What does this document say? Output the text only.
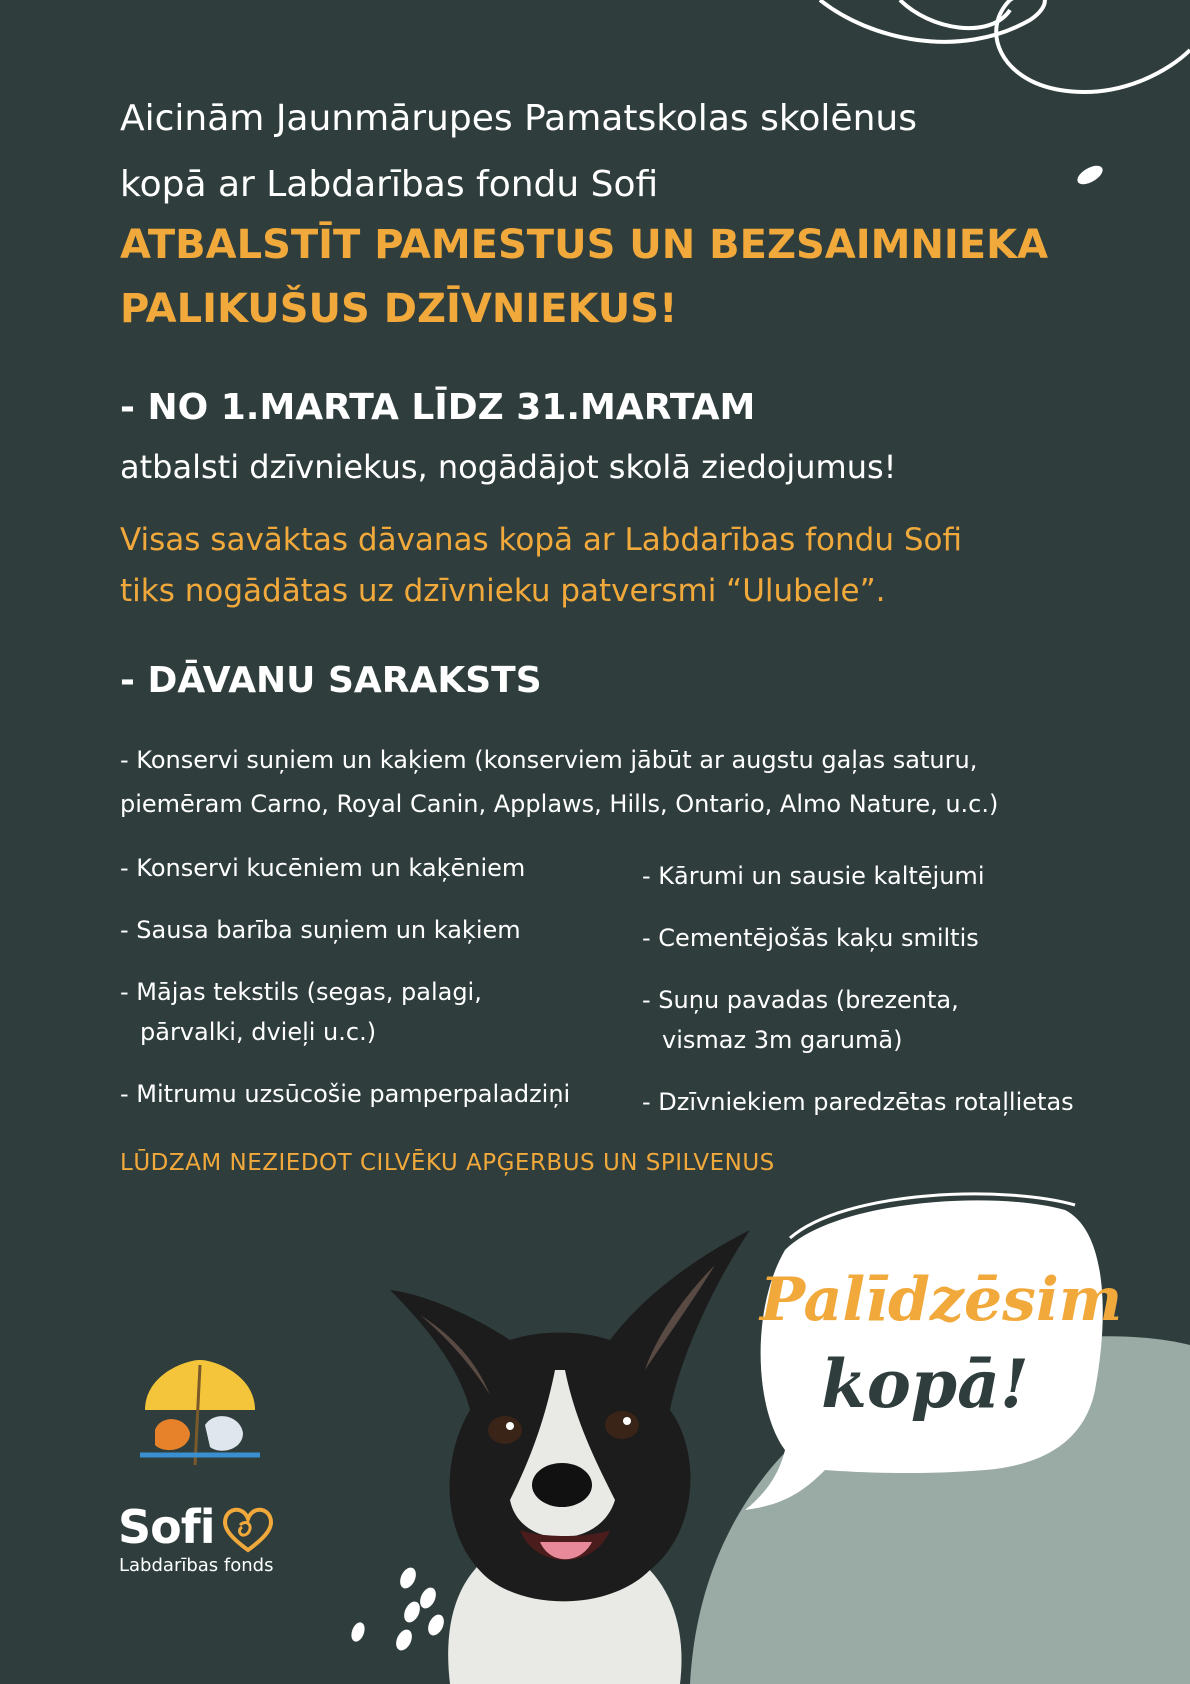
Aicinām Jaunmārupes Pamatskolas skolēnus

kopā ar Labdarības fondu Sofi

ATBALSTĪT PAMESTUS UN BEZSAIMNIEKA

PALIKUŠUS DZĪVNIEKUS!

- NO 1.MARTA LĪDZ 31.MARTAM

atbalsti dzīvniekus, nogādājot skolā ziedojumus!

Visas savāktas dāvanas kopā ar Labdarības fondu Sofi

tiks nogādātas uz dzīvnieku patversmi “Ulubele”.

- DĀVANU SARAKSTS

- Konservi suņiem un kaķiem (konserviem jābūt ar augstu gaļas saturu,

piemēram Carno, Royal Canin, Applaws, Hills, Ontario, Almo Nature, u.c.)

- Konservi kucēniem un kaķēniem

- Sausa barība suņiem un kaķiem

- Mājas tekstils (segas, palagi,

pārvalki, dvieļi u.c.)

- Mitrumu uzsūcošie pamperpaladziņi

- Kārumi un sausie kaltējumi

- Cementējošās kaķu smiltis

- Suņu pavadas (brezenta,

vismaz 3m garumā)

- Dzīvniekiem paredzētas rotaļlietas

LŪDZAM NEZIEDOT CILVĒKU APĢERBUS UN SPILVENUS

Palīdzēsim

kopā!

Sofi

Labdarības fonds
